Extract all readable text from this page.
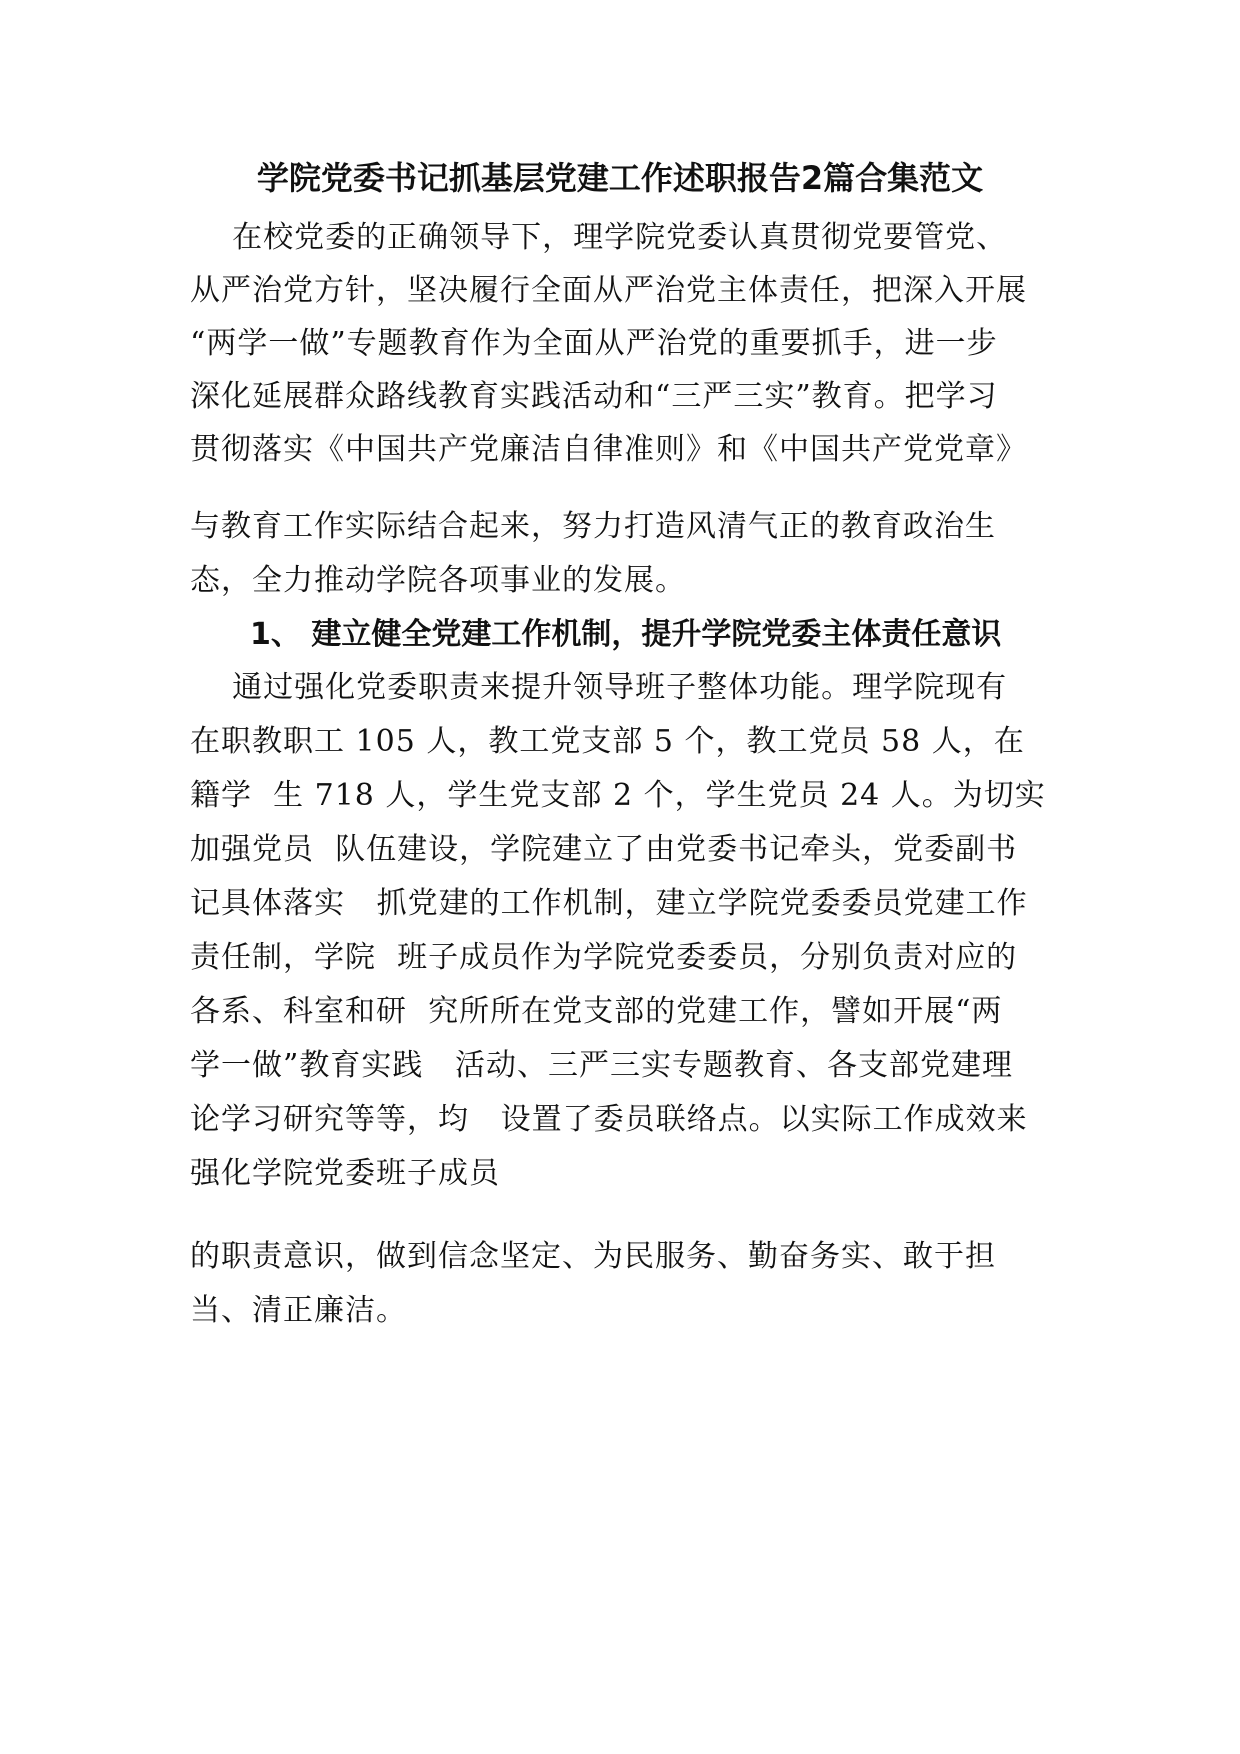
学院党委书记抓基层党建工作述职报告2篇合集范文
在校党委的正确领导下，理学院党委认真贯彻党要管党、
从严治党方针，坚决履行全面从严治党主体责任，把深入开展
“两学一做”专题教育作为全面从严治党的重要抓手，进一步
深化延展群众路线教育实践活动和“三严三实”教育。把学习
贯彻落实《中国共产党廉洁自律准则》和《中国共产党党章》
与教育工作实际结合起来，努力打造风清气正的教育政治生
态，全力推动学院各项事业的发展。
1、 建立健全党建工作机制，提升学院党委主体责任意识
通过强化党委职责来提升领导班子整体功能。理学院现有
在职教职工 105 人，教工党支部 5 个，教工党员 58 人，在
籍学  生 718 人，学生党支部 2 个，学生党员 24 人。为切实
加强党员  队伍建设，学院建立了由党委书记牵头，党委副书
记具体落实   抓党建的工作机制，建立学院党委委员党建工作
责任制，学院  班子成员作为学院党委委员，分别负责对应的
各系、科室和研  究所所在党支部的党建工作，譬如开展“两
学一做”教育实践   活动、三严三实专题教育、各支部党建理
论学习研究等等，均   设置了委员联络点。以实际工作成效来
强化学院党委班子成员
的职责意识，做到信念坚定、为民服务、勤奋务实、敢于担
当、清正廉洁。
